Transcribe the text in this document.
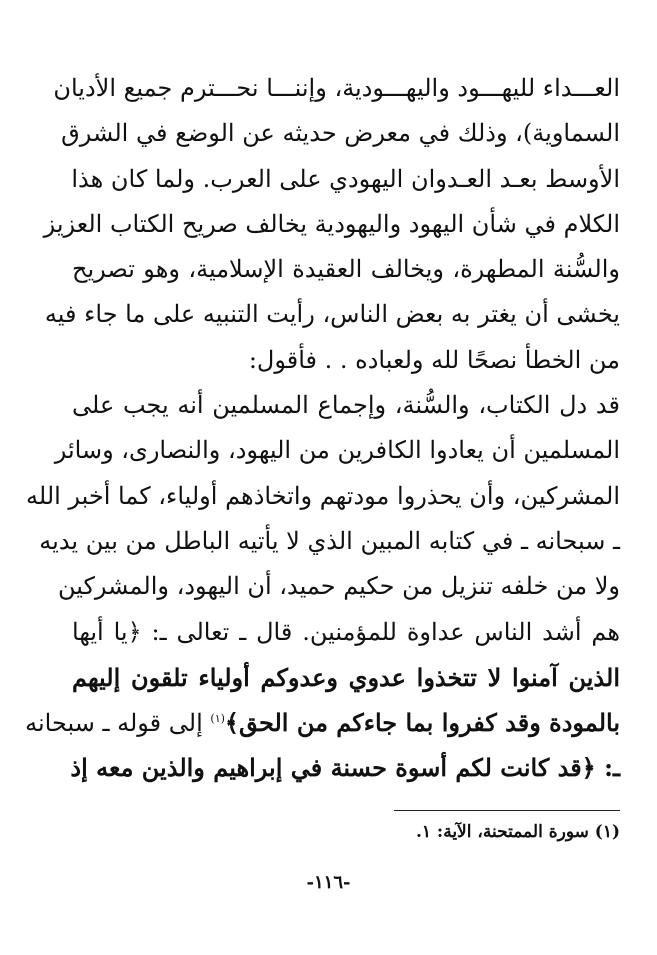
العـــداء لليهـــود واليهـــودية، وإننـــا نحـــترم جميع الأديان
السماوية)، وذلك في معرض حديثه عن الوضع في الشرق
الأوسط بعـد العـدوان اليهودي على العرب. ولما كان هذا
الكلام في شأن اليهود واليهودية يخالف صريح الكتاب العزيز
والسُّنة المطهرة، ويخالف العقيدة الإسلامية، وهو تصريح
يخشى أن يغتر به بعض الناس، رأيت التنبيه على ما جاء فيه
من الخطأ نصحًا لله ولعباده . . فأقول:
قد دل الكتاب، والسُّنة، وإجماع المسلمين أنه يجب على
المسلمين أن يعادوا الكافرين من اليهود، والنصارى، وسائر
المشركين، وأن يحذروا مودتهم واتخاذهم أولياء، كما أخبر الله
ـ سبحانه ـ في كتابه المبين الذي لا يأتيه الباطل من بين يديه
ولا من خلفه تنزيل من حكيم حميد، أن اليهود، والمشركين
هم أشد الناس عداوة للمؤمنين. قال ـ تعالى ـ: ﴿يا أيها
الذين آمنوا لا تتخذوا عدوي وعدوكم أولياء تلقون إليهم
بالمودة وقد كفروا بما جاءكم من الحق﴾$^{(١)}$ إلى قوله ـ سبحانه
ـ: ﴿قد كانت لكم أسوة حسنة في إبراهيم والذين معه إذ
(١) سورة الممتحنة، الآية: ١.
-١١٦-
